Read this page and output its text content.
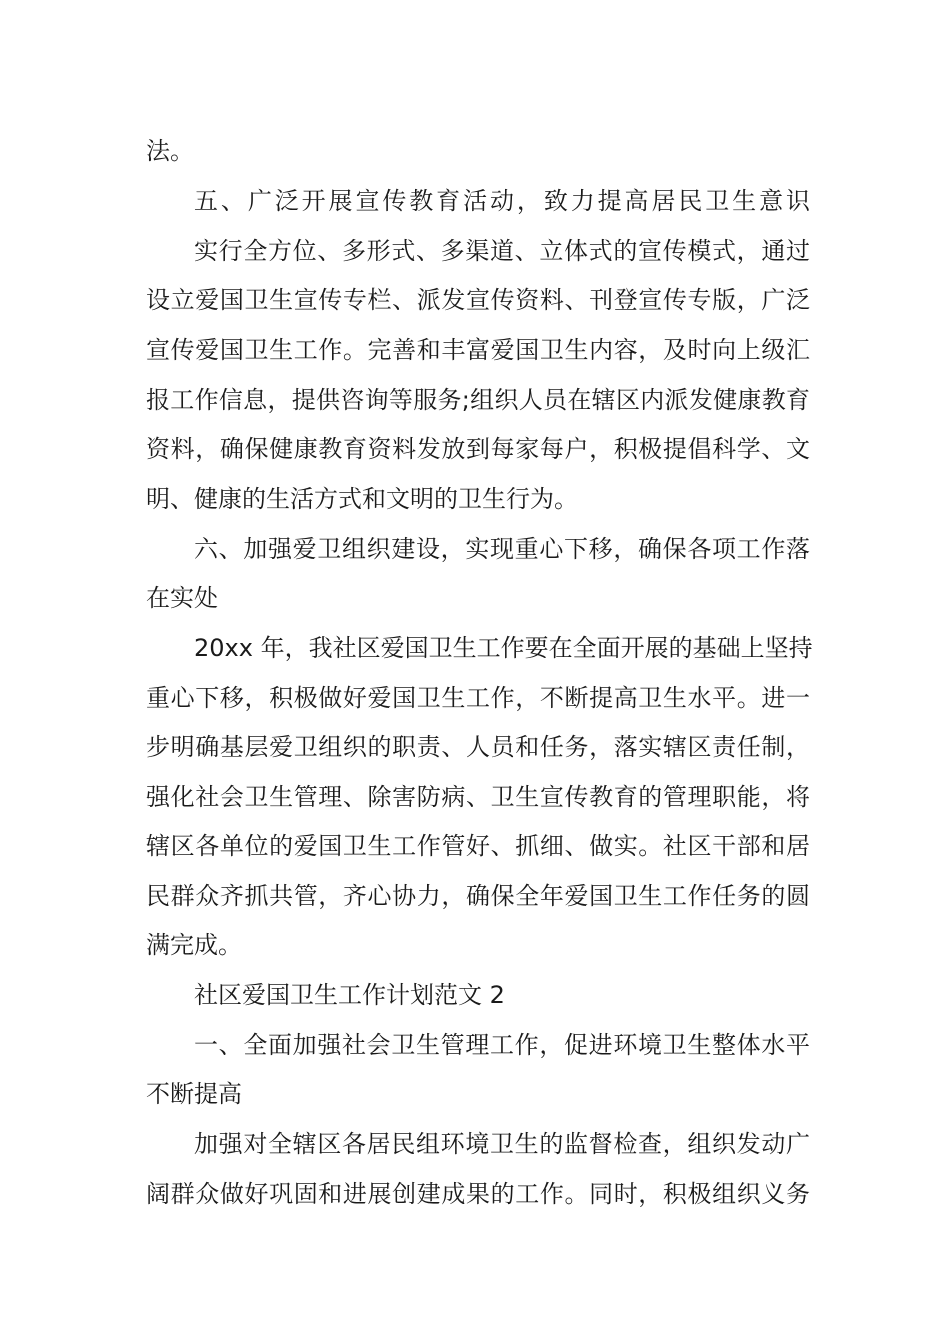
法。
五、广泛开展宣传教育活动，致力提高居民卫生意识
实行全方位、多形式、多渠道、立体式的宣传模式，通过
设立爱国卫生宣传专栏、派发宣传资料、刊登宣传专版，广泛
宣传爱国卫生工作。完善和丰富爱国卫生内容，及时向上级汇
报工作信息，提供咨询等服务;组织人员在辖区内派发健康教育
资料，确保健康教育资料发放到每家每户，积极提倡科学、文
明、健康的生活方式和文明的卫生行为。
六、加强爱卫组织建设，实现重心下移，确保各项工作落
在实处
20xx 年，我社区爱国卫生工作要在全面开展的基础上坚持
重心下移，积极做好爱国卫生工作，不断提高卫生水平。进一
步明确基层爱卫组织的职责、人员和任务，落实辖区责任制，
强化社会卫生管理、除害防病、卫生宣传教育的管理职能，将
辖区各单位的爱国卫生工作管好、抓细、做实。社区干部和居
民群众齐抓共管，齐心协力，确保全年爱国卫生工作任务的圆
满完成。
社区爱国卫生工作计划范文 2
一、全面加强社会卫生管理工作，促进环境卫生整体水平
不断提高
加强对全辖区各居民组环境卫生的监督检查，组织发动广
阔群众做好巩固和进展创建成果的工作。同时，积极组织义务
